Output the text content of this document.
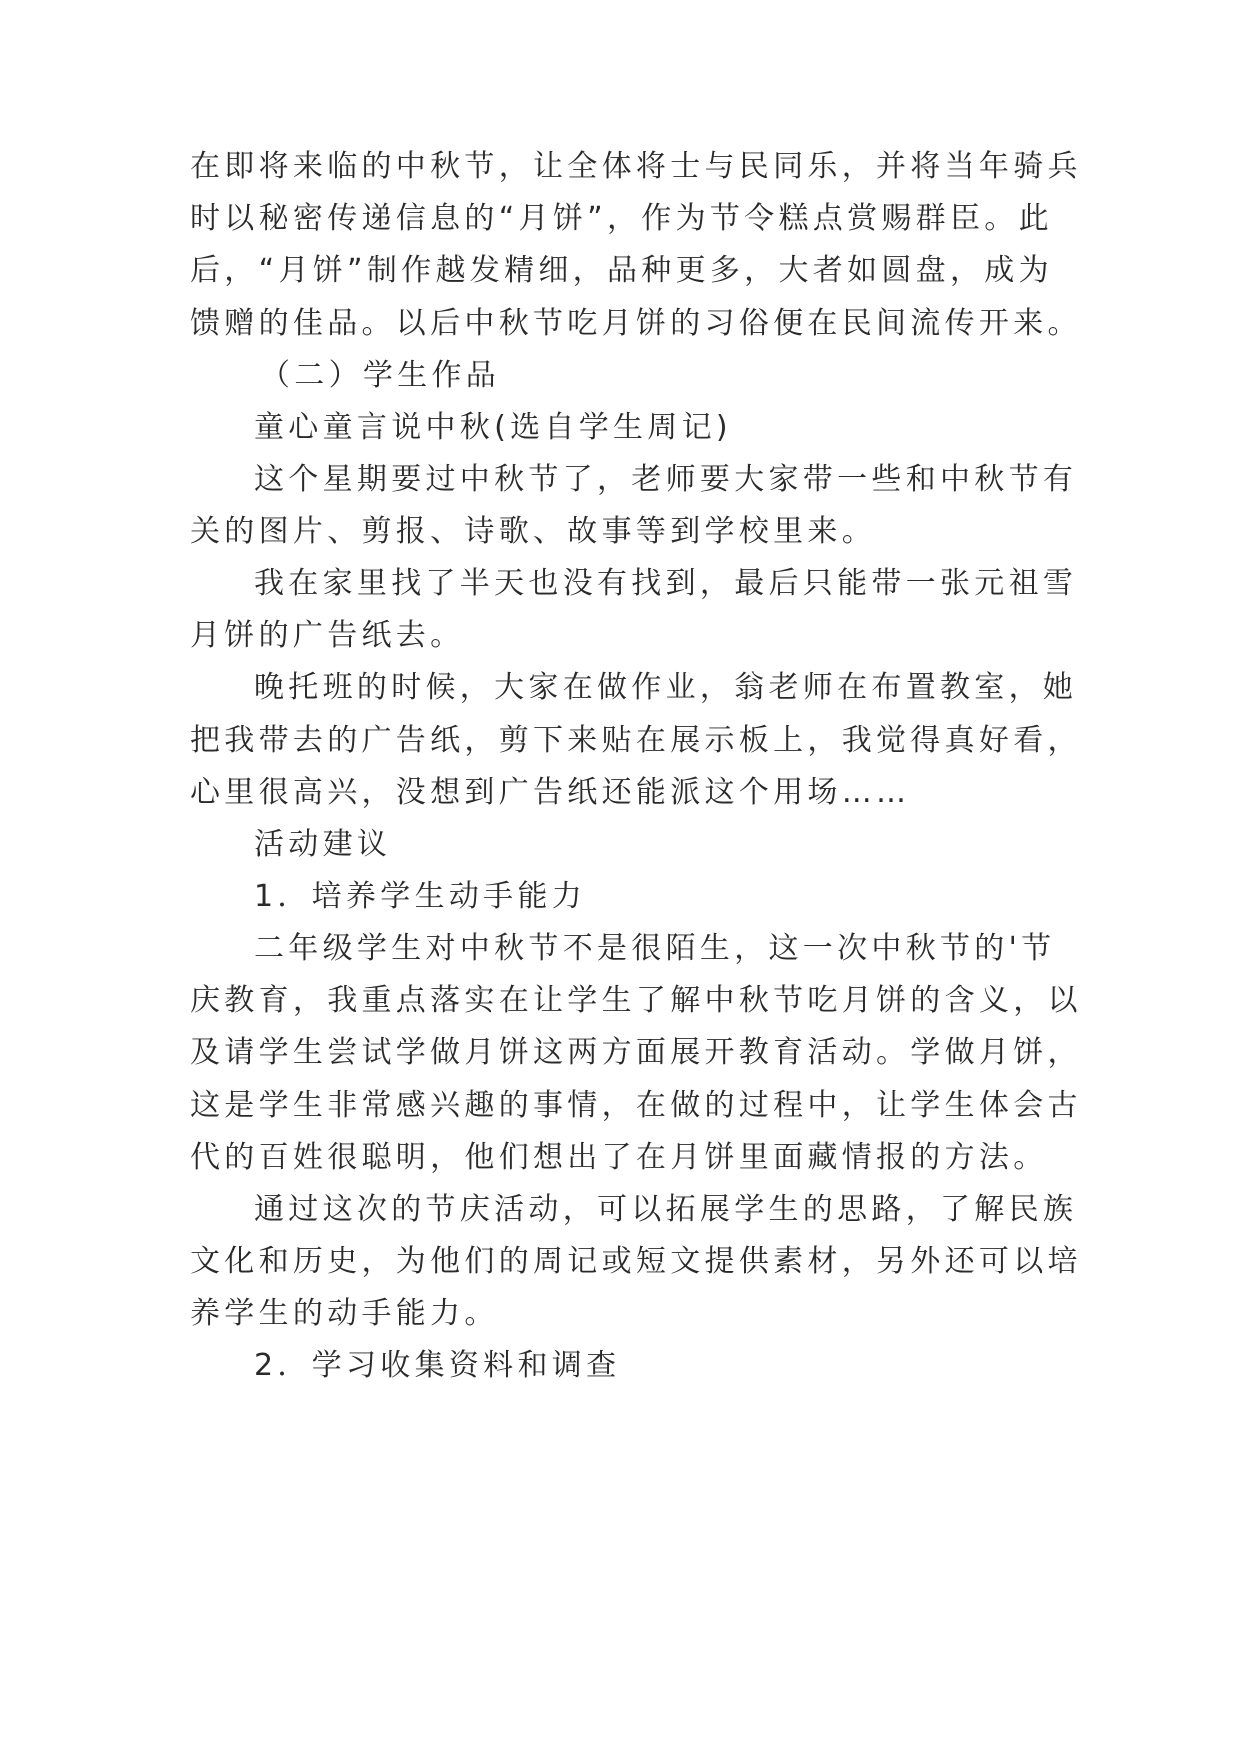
在即将来临的中秋节，让全体将士与民同乐，并将当年骑兵

时以秘密传递信息的“月饼”，作为节令糕点赏赐群臣。此

后，“月饼”制作越发精细，品种更多，大者如圆盘，成为

馈赠的佳品。以后中秋节吃月饼的习俗便在民间流传开来。

（二）学生作品

童心童言说中秋(选自学生周记)

这个星期要过中秋节了，老师要大家带一些和中秋节有

关的图片、剪报、诗歌、故事等到学校里来。

我在家里找了半天也没有找到，最后只能带一张元祖雪

月饼的广告纸去。

晚托班的时候，大家在做作业，翁老师在布置教室，她

把我带去的广告纸，剪下来贴在展示板上，我觉得真好看，

心里很高兴，没想到广告纸还能派这个用场……

活动建议

1．培养学生动手能力

二年级学生对中秋节不是很陌生，这一次中秋节的'节

庆教育，我重点落实在让学生了解中秋节吃月饼的含义，以

及请学生尝试学做月饼这两方面展开教育活动。学做月饼，

这是学生非常感兴趣的事情，在做的过程中，让学生体会古

代的百姓很聪明，他们想出了在月饼里面藏情报的方法。

通过这次的节庆活动，可以拓展学生的思路，了解民族

文化和历史，为他们的周记或短文提供素材，另外还可以培

养学生的动手能力。

2．学习收集资料和调查
